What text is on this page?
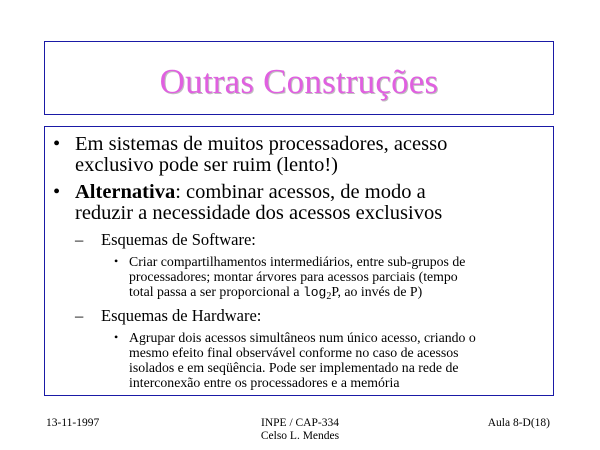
Outras Construções
• Em sistemas de muitos processadores, acesso
exclusivo pode ser ruim (lento!)
• Alternativa: combinar acessos, de modo a
reduzir a necessidade dos acessos exclusivos
– Esquemas de Software:
• Criar compartilhamentos intermediários, entre sub-grupos de
processadores; montar árvores para acessos parciais (tempo
total passa a ser proporcional a $\log_2P$, ao invés de P)
– Esquemas de Hardware:
• Agrupar dois acessos simultâneos num único acesso, criando o
mesmo efeito final observável conforme no caso de acessos
isolados e em seqüência. Pode ser implementado na rede de
interconexão entre os processadores e a memória
13-11-1997	INPE / CAP-334
Celso L. Mendes
Aula 8-D(18)
